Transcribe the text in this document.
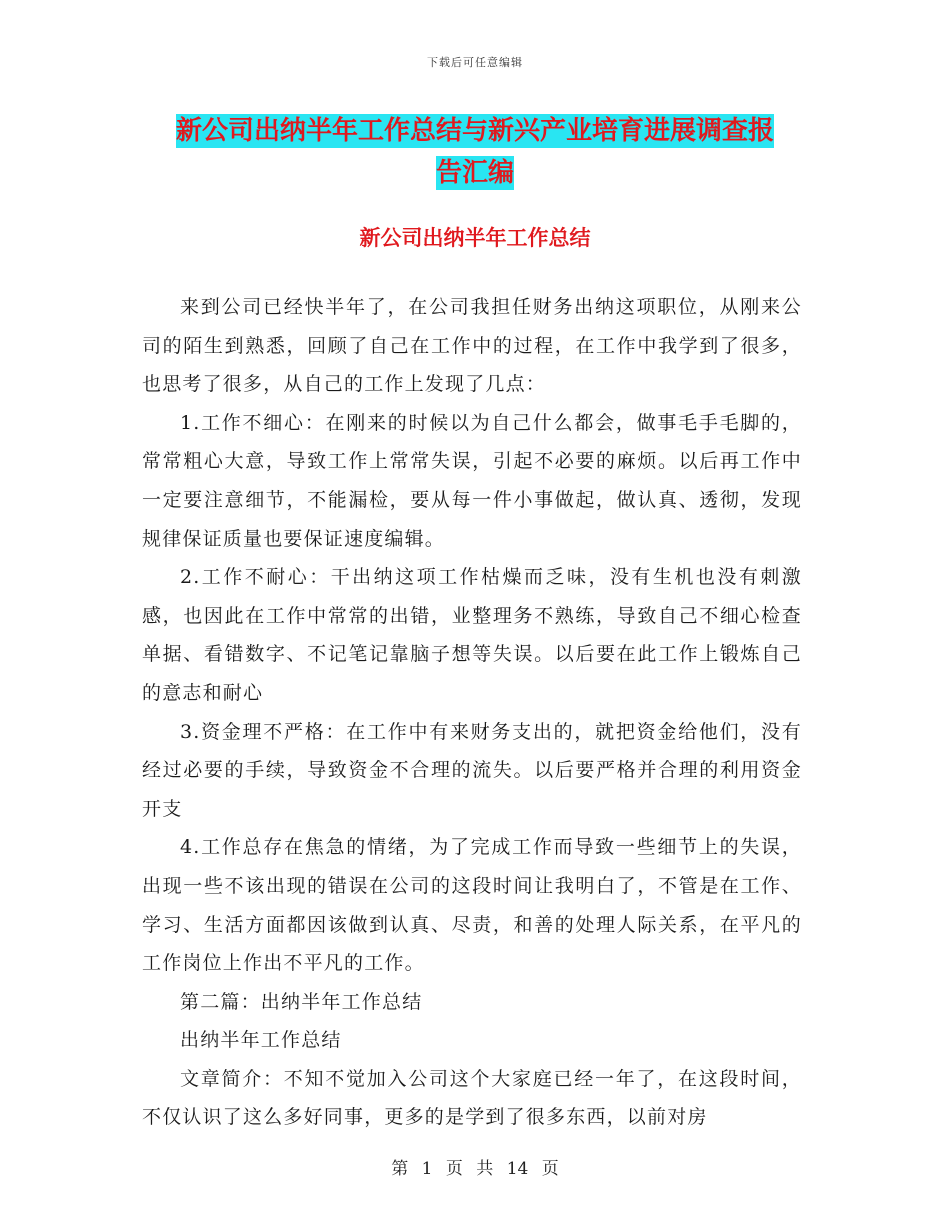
下载后可任意编辑
新公司出纳半年工作总结与新兴产业培育进展调查报
告汇编
新公司出纳半年工作总结

来到公司已经快半年了，在公司我担任财务出纳这项职位，从刚来公司的陌生到熟悉，回顾了自己在工作中的过程，在工作中我学到了很多，也思考了很多，从自己的工作上发现了几点：

1.工作不细心：在刚来的时候以为自己什么都会，做事毛手毛脚的，常常粗心大意，导致工作上常常失误，引起不必要的麻烦。以后再工作中一定要注意细节，不能漏检，要从每一件小事做起，做认真、透彻，发现规律保证质量也要保证速度编辑。

2.工作不耐心：干出纳这项工作枯燥而乏味，没有生机也没有刺激感，也因此在工作中常常的出错，业整理务不熟练，导致自己不细心检查单据、看错数字、不记笔记靠脑子想等失误。以后要在此工作上锻炼自己的意志和耐心

3.资金理不严格：在工作中有来财务支出的，就把资金给他们，没有经过必要的手续，导致资金不合理的流失。以后要严格并合理的利用资金开支

4.工作总存在焦急的情绪，为了完成工作而导致一些细节上的失误，出现一些不该出现的错误在公司的这段时间让我明白了，不管是在工作、学习、生活方面都因该做到认真、尽责，和善的处理人际关系，在平凡的工作岗位上作出不平凡的工作。

第二篇：出纳半年工作总结

出纳半年工作总结

文章简介：不知不觉加入公司这个大家庭已经一年了，在这段时间，不仅认识了这么多好同事，更多的是学到了很多东西，以前对房

第 1 页 共 14 页
